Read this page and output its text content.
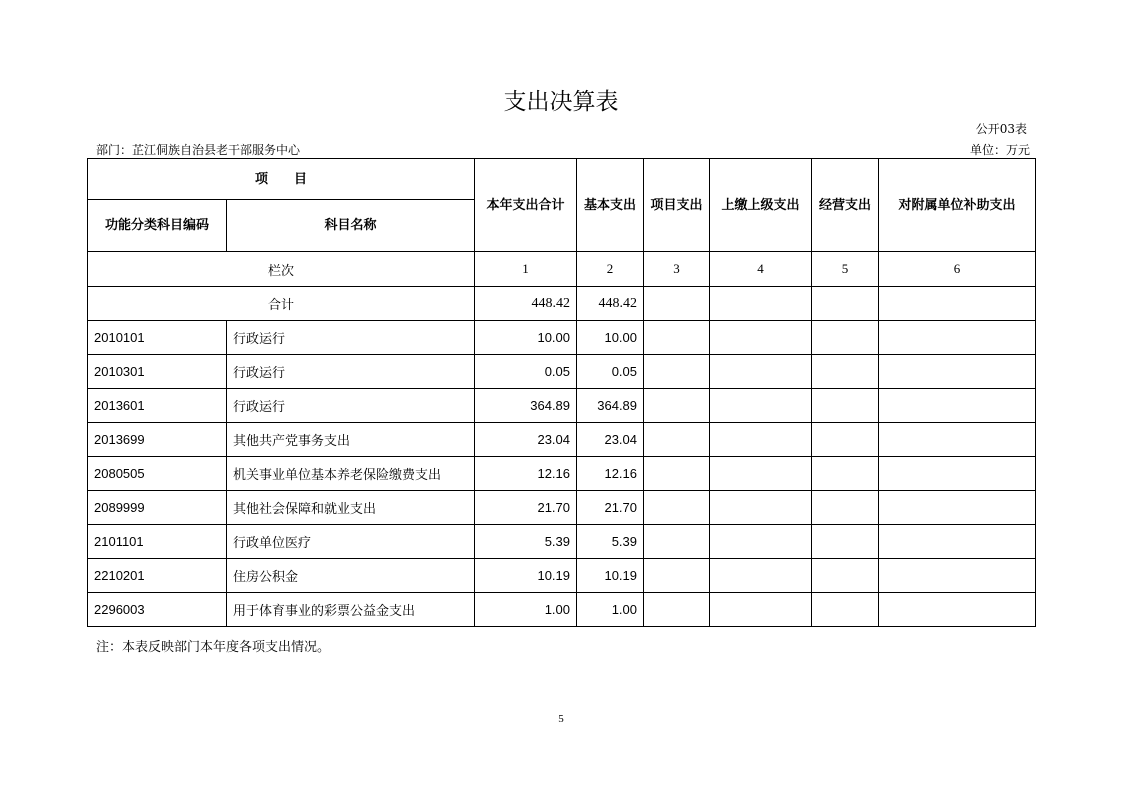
支出决算表
公开03表
部门：芷江侗族自治县老干部服务中心	单位：万元
项　　目		本年支出合计	基本支出	项目支出	上缴上级支出	经营支出	对附属单位补助支出
功能分类科目编码	科目名称						
栏次		1	2	3	4	5	6
合计		448.42	448.42				
2010101	行政运行	10.00	10.00				
2010301	行政运行	0.05	0.05				
2013601	行政运行	364.89	364.89				
2013699	其他共产党事务支出	23.04	23.04				
2080505	机关事业单位基本养老保险缴费支出	12.16	12.16				
2089999	其他社会保障和就业支出	21.70	21.70				
2101101	行政单位医疗	5.39	5.39				
2210201	住房公积金	10.19	10.19				
2296003	用于体育事业的彩票公益金支出	1.00	1.00				
注：本表反映部门本年度各项支出情况。
5
